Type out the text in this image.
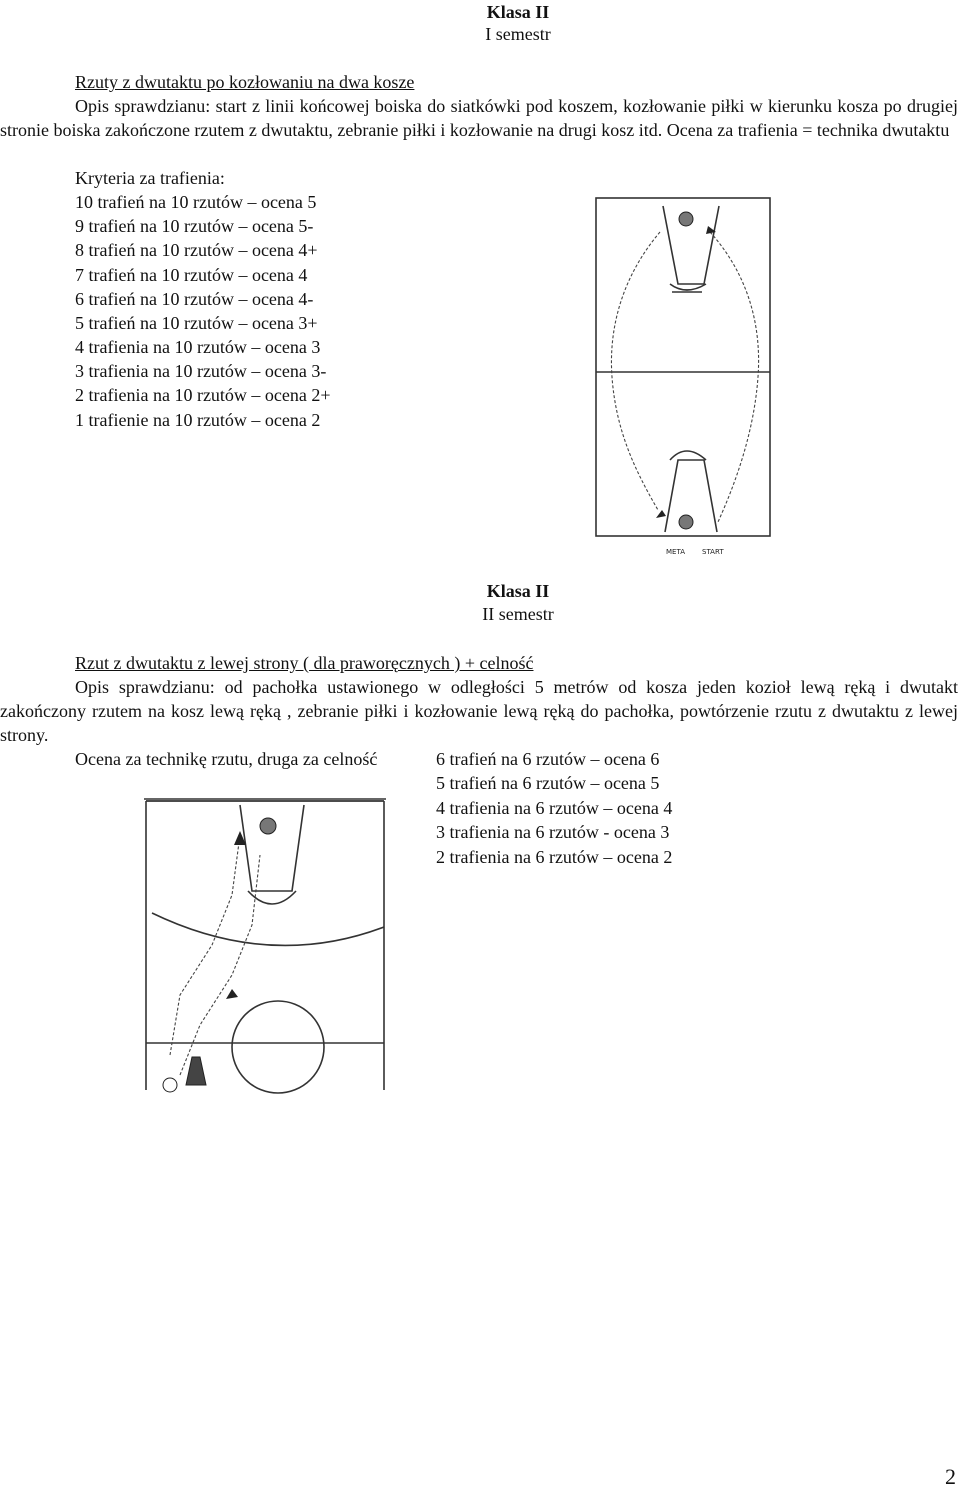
Klasa II
I semestr
Rzuty z dwutaktu po kozłowaniu na dwa kosze
Opis sprawdzianu: start z linii końcowej boiska do siatkówki pod koszem, kozłowanie piłki w kierunku kosza po drugiej stronie boiska zakończone rzutem z dwutaktu, zebranie piłki i kozłowanie na drugi kosz itd. Ocena za trafienia = technika dwutaktu
Kryteria za trafienia:
10 trafień na 10 rzutów – ocena 5
9 trafień na 10 rzutów – ocena 5-
8 trafień na 10 rzutów – ocena 4+
7 trafień na 10 rzutów – ocena 4
6 trafień na 10 rzutów – ocena 4-
5 trafień na 10 rzutów – ocena 3+
4 trafienia na 10 rzutów – ocena 3
3 trafienia na 10 rzutów – ocena 3-
2 trafienia na 10 rzutów – ocena 2+
1 trafienie na 10 rzutów – ocena 2
META START
Klasa II
II semestr
Rzut z dwutaktu z lewej strony ( dla praworęcznych ) + celność
Opis sprawdzianu: od pachołka ustawionego w odległości 5 metrów od kosza jeden kozioł lewą ręką i dwutakt zakończony rzutem na kosz lewą ręką , zebranie piłki i kozłowanie lewą ręką do pachołka, powtórzenie rzutu z dwutaktu z lewej strony.
Ocena za technikę rzutu, druga za celność	6 trafień na 6 rzutów – ocena 6
5 trafień na 6 rzutów – ocena 5
4 trafienia na 6 rzutów – ocena 4
3 trafienia na 6 rzutów - ocena 3
2 trafienia na 6 rzutów – ocena 2
2
